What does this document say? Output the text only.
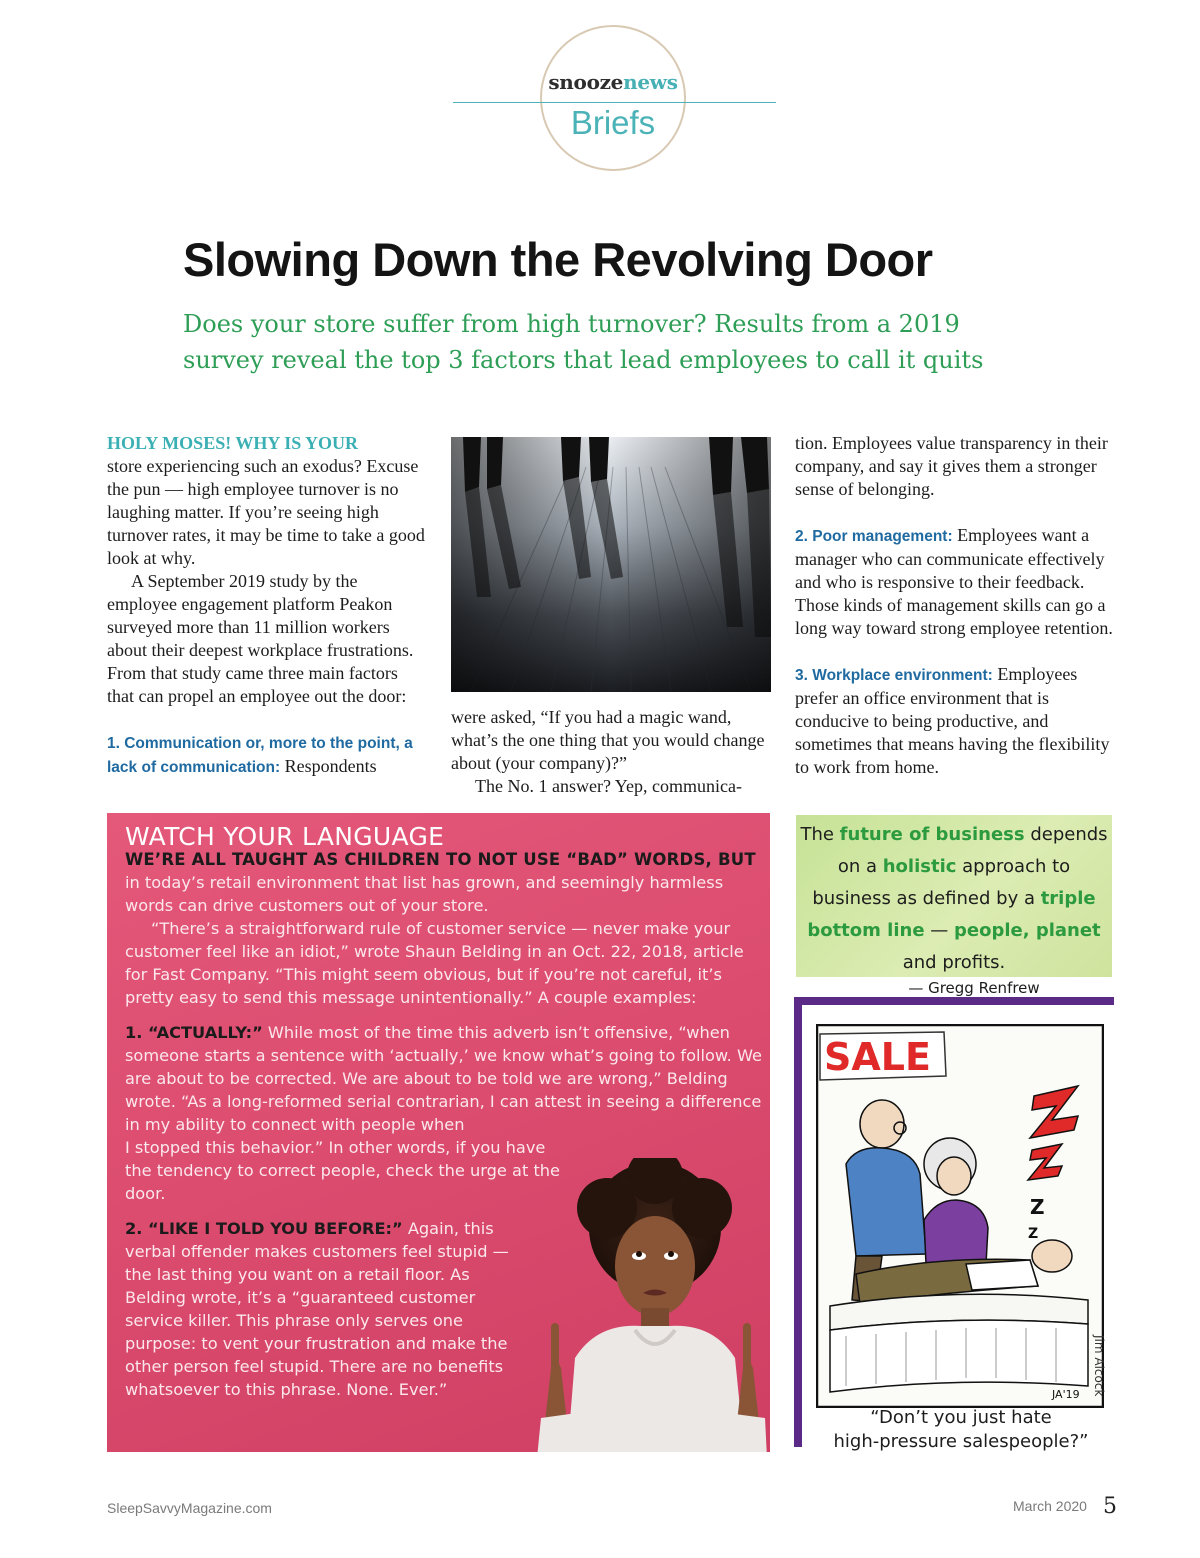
snoozenews
Briefs
Slowing Down the Revolving Door

Does your store suffer from high turnover? Results from a 2019 survey reveal the top 3 factors that lead employees to call it quits

HOLY MOSES! WHY IS YOUR
store experiencing such an exodus? Excuse the pun — high employee turnover is no laughing matter. If you’re seeing high turnover rates, it may be time to take a good look at why.

A September 2019 study by the employee engagement platform Peakon surveyed more than 11 million workers about their deepest workplace frustrations. From that study came three main factors that can propel an employee out the door:

1. Communication or, more to the point, a lack of communication: Respondents

were asked, “If you had a magic wand, what’s the one thing that you would change about (your company)?”

The No. 1 answer? Yep, communica-

tion. Employees value transparency in their company, and say it gives them a stronger sense of belonging.

2. Poor management: Employees want a manager who can communicate effectively and who is responsive to their feedback. Those kinds of management skills can go a long way toward strong employee retention.

3. Workplace environment: Employees prefer an office environment that is conducive to being productive, and sometimes that means having the flexibility to work from home.

WATCH YOUR LANGUAGE

WE’RE ALL TAUGHT AS CHILDREN TO NOT USE “BAD” WORDS, BUT
in today’s retail environment that list has grown, and seemingly harmless words can drive customers out of your store.

“There’s a straightforward rule of customer service — never make your customer feel like an idiot,” wrote Shaun Belding in an Oct. 22, 2018, article for Fast Company. “This might seem obvious, but if you’re not careful, it’s pretty easy to send this message unintentionally.” A couple examples:

1. “ACTUALLY:” While most of the time this adverb isn’t offensive, “when someone starts a sentence with ‘actually,’ we know what’s going to follow. We are about to be corrected. We are about to be told we are wrong,” Belding wrote. “As a long-reformed serial contrarian, I can attest in seeing a difference in my ability to connect with people when

I stopped this behavior.” In other words, if you have the tendency to correct people, check the urge at the door.

2. “LIKE I TOLD YOU BEFORE:” Again, this verbal offender makes customers feel stupid — the last thing you want on a retail floor. As Belding wrote, it’s a “guaranteed customer service killer. This phrase only serves one purpose: to vent your frustration and make the other person feel stupid. There are no benefits whatsoever to this phrase. None. Ever.”

The future of business depends on a holistic approach to business as defined by a triple bottom line — people, planet and profits.
— Gregg Renfrew
SALE
Z
Z
JA'19	Jim Alcock
“Don’t you just hate
high-pressure salespeople?”
SleepSavvyMagazine.com	March 2020 5
